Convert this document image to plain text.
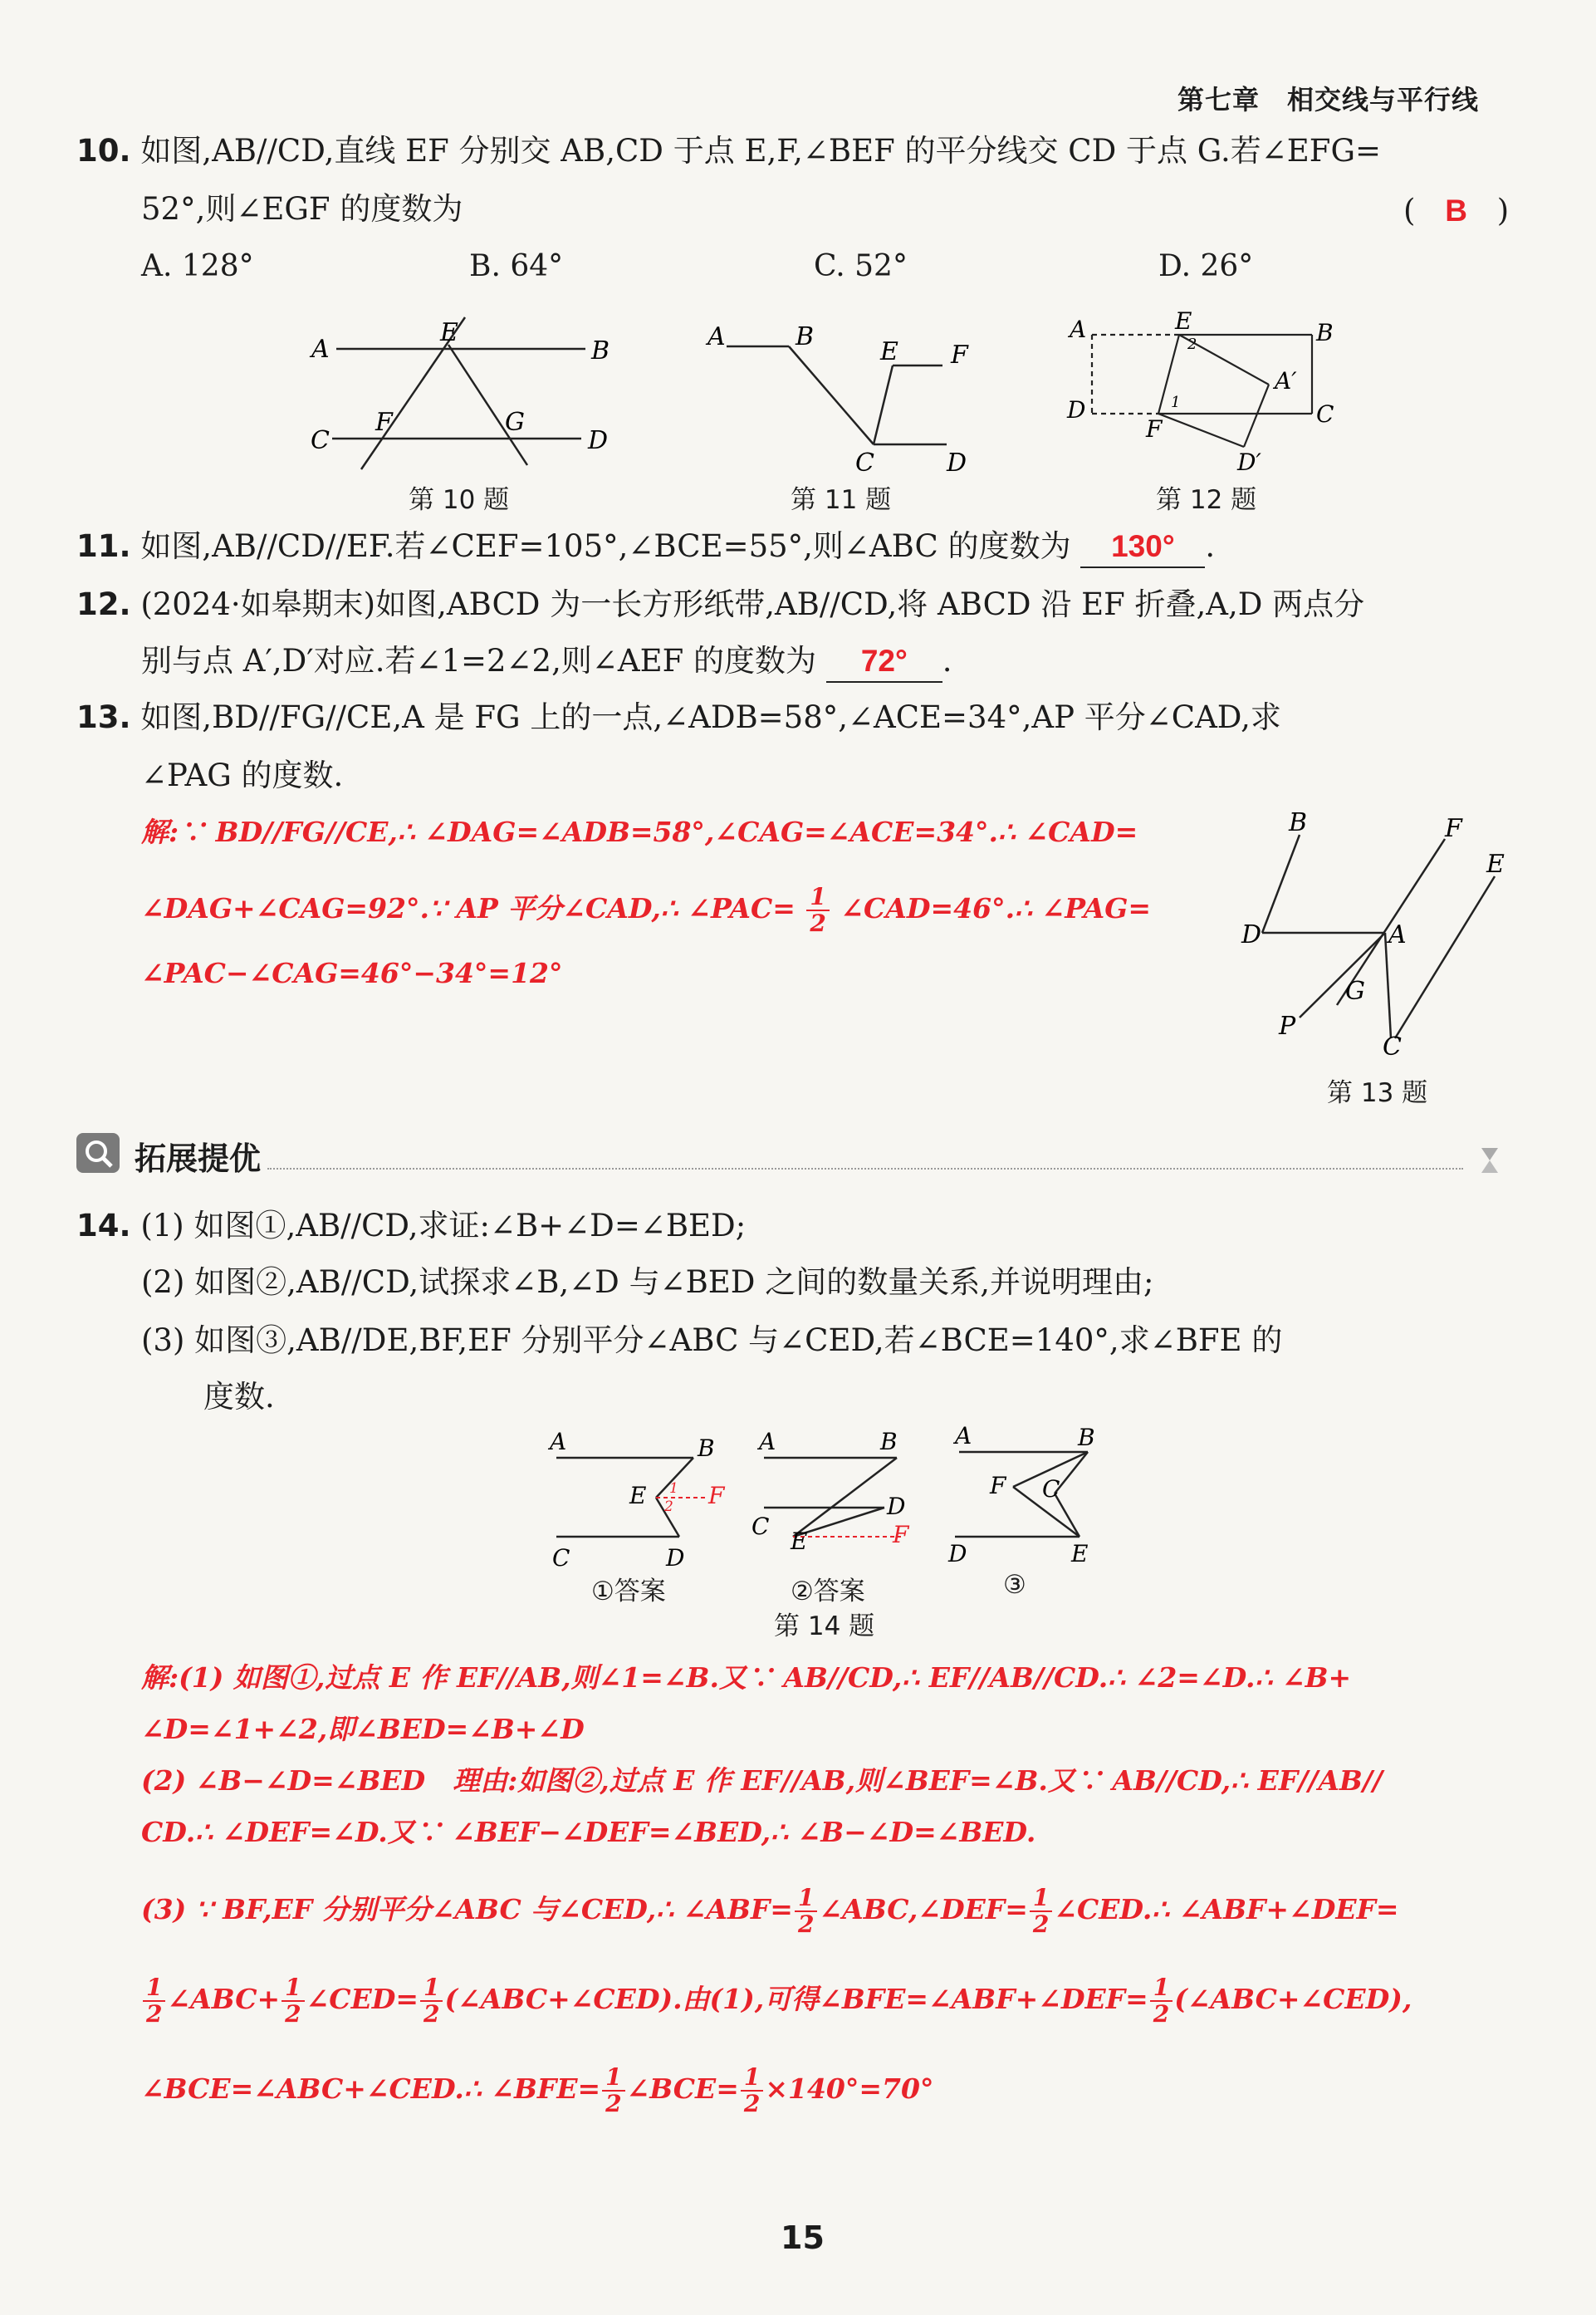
第七章　相交线与平行线
10. 如图,AB//CD,直线 EF 分别交 AB,CD 于点 E,F,∠BEF 的平分线交 CD 于点 G.若∠EFG=
52°,则∠EGF 的度数为	( B )
A. 128°	B. 64°	C. 52°	D. 26°
A	B
E
F	G
C	D
第 10 题
A	B
E F
C	D
第 11 题
A	E	B
A′
C
D
F
D′
2
1
第 12 题
11. 如图,AB//CD//EF.若∠CEF=105°,∠BCE=55°,则∠ABC 的度数为 130° .
12. (2024·如皋期末)如图,ABCD 为一长方形纸带,AB//CD,将 ABCD 沿 EF 折叠,A,D 两点分
别与点 A′,D′对应.若∠1=2∠2,则∠AEF 的度数为 72° .
13. 如图,BD//FG//CE,A 是 FG 上的一点,∠ADB=58°,∠ACE=34°,AP 平分∠CAD,求
∠PAG 的度数.
解:∵ BD//FG//CE,∴ ∠DAG=∠ADB=58°,∠CAG=∠ACE=34°.∴ ∠CAD=
∠DAG+∠CAG=92°.∵ AP 平分∠CAD,∴ ∠PAC= $\frac{1}{2}$ ∠CAD=46°.∴ ∠PAG=
∠PAC−∠CAG=46°−34°=12°
B	F
E
D	A
G
P
C
第 13 题
拓展提优
14. (1) 如图①,AB//CD,求证:∠B+∠D=∠BED;
(2) 如图②,AB//CD,试探求∠B,∠D 与∠BED 之间的数量关系,并说明理由;
(3) 如图③,AB//DE,BF,EF 分别平分∠ABC 与∠CED,若∠BCE=140°,求∠BFE 的
度数.
A	B
E	F
C	D
1
2
①答案
A	B
D
C
E	F
②答案
A	B
F C
D	E
③
第 14 题
解:(1) 如图①,过点 E 作 EF//AB,则∠1=∠B.又∵ AB//CD,∴ EF//AB//CD.∴ ∠2=∠D.∴ ∠B+
∠D=∠1+∠2,即∠BED=∠B+∠D
(2) ∠B−∠D=∠BED　理由:如图②,过点 E 作 EF//AB,则∠BEF=∠B.又∵ AB//CD,∴ EF//AB//
CD.∴ ∠DEF=∠D.又∵ ∠BEF−∠DEF=∠BED,∴ ∠B−∠D=∠BED.
(3) ∵ BF,EF 分别平分∠ABC 与∠CED,∴ ∠ABF= $\frac{1}{2}$ ∠ABC,∠DEF= $\frac{1}{2}$ ∠CED.∴ ∠ABF+∠DEF=
$\frac{1}{2}$ ∠ABC+ $\frac{1}{2}$ ∠CED= $\frac{1}{2}$ (∠ABC+∠CED).由(1),可得∠BFE=∠ABF+∠DEF= $\frac{1}{2}$ (∠ABC+∠CED),
∠BCE=∠ABC+∠CED.∴ ∠BFE= $\frac{1}{2}$ ∠BCE= $\frac{1}{2} \times 140^\circ=70^\circ$
15
